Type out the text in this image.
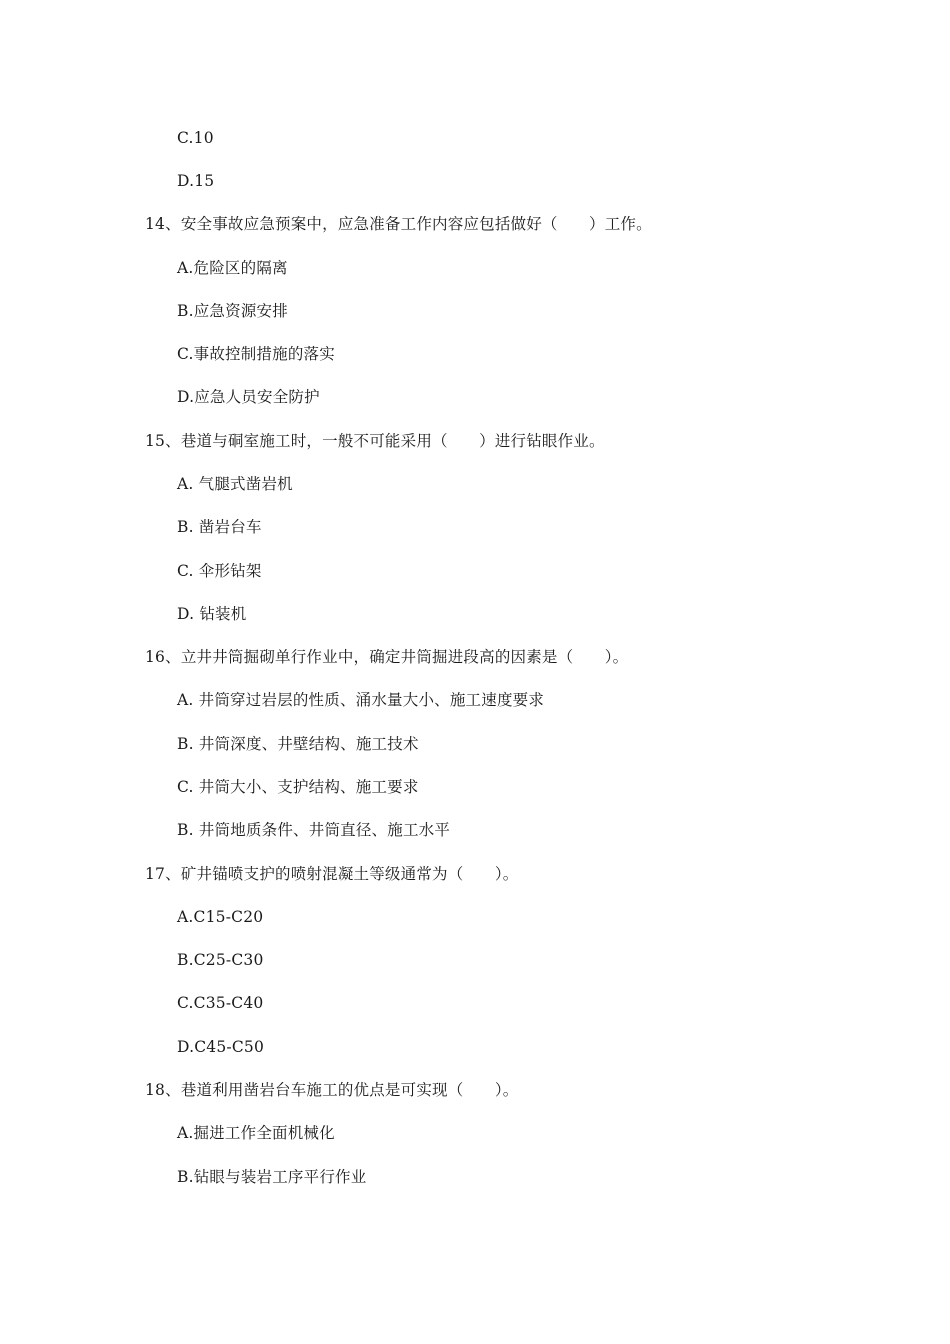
C.10
D.15
14、安全事故应急预案中，应急准备工作内容应包括做好（　　）工作。
A.危险区的隔离
B.应急资源安排
C.事故控制措施的落实
D.应急人员安全防护
15、巷道与硐室施工时，一般不可能采用（　　）进行钻眼作业。
A. 气腿式凿岩机
B. 凿岩台车
C. 伞形钻架
D. 钻装机
16、立井井筒掘砌单行作业中，确定井筒掘进段高的因素是（　　）。
A. 井筒穿过岩层的性质、涌水量大小、施工速度要求
B. 井筒深度、井壁结构、施工技术
C. 井筒大小、支护结构、施工要求
B. 井筒地质条件、井筒直径、施工水平
17、矿井锚喷支护的喷射混凝土等级通常为（　　）。
A.C15-C20
B.C25-C30
C.C35-C40
D.C45-C50
18、巷道利用凿岩台车施工的优点是可实现（　　）。
A.掘进工作全面机械化
B.钻眼与装岩工序平行作业
